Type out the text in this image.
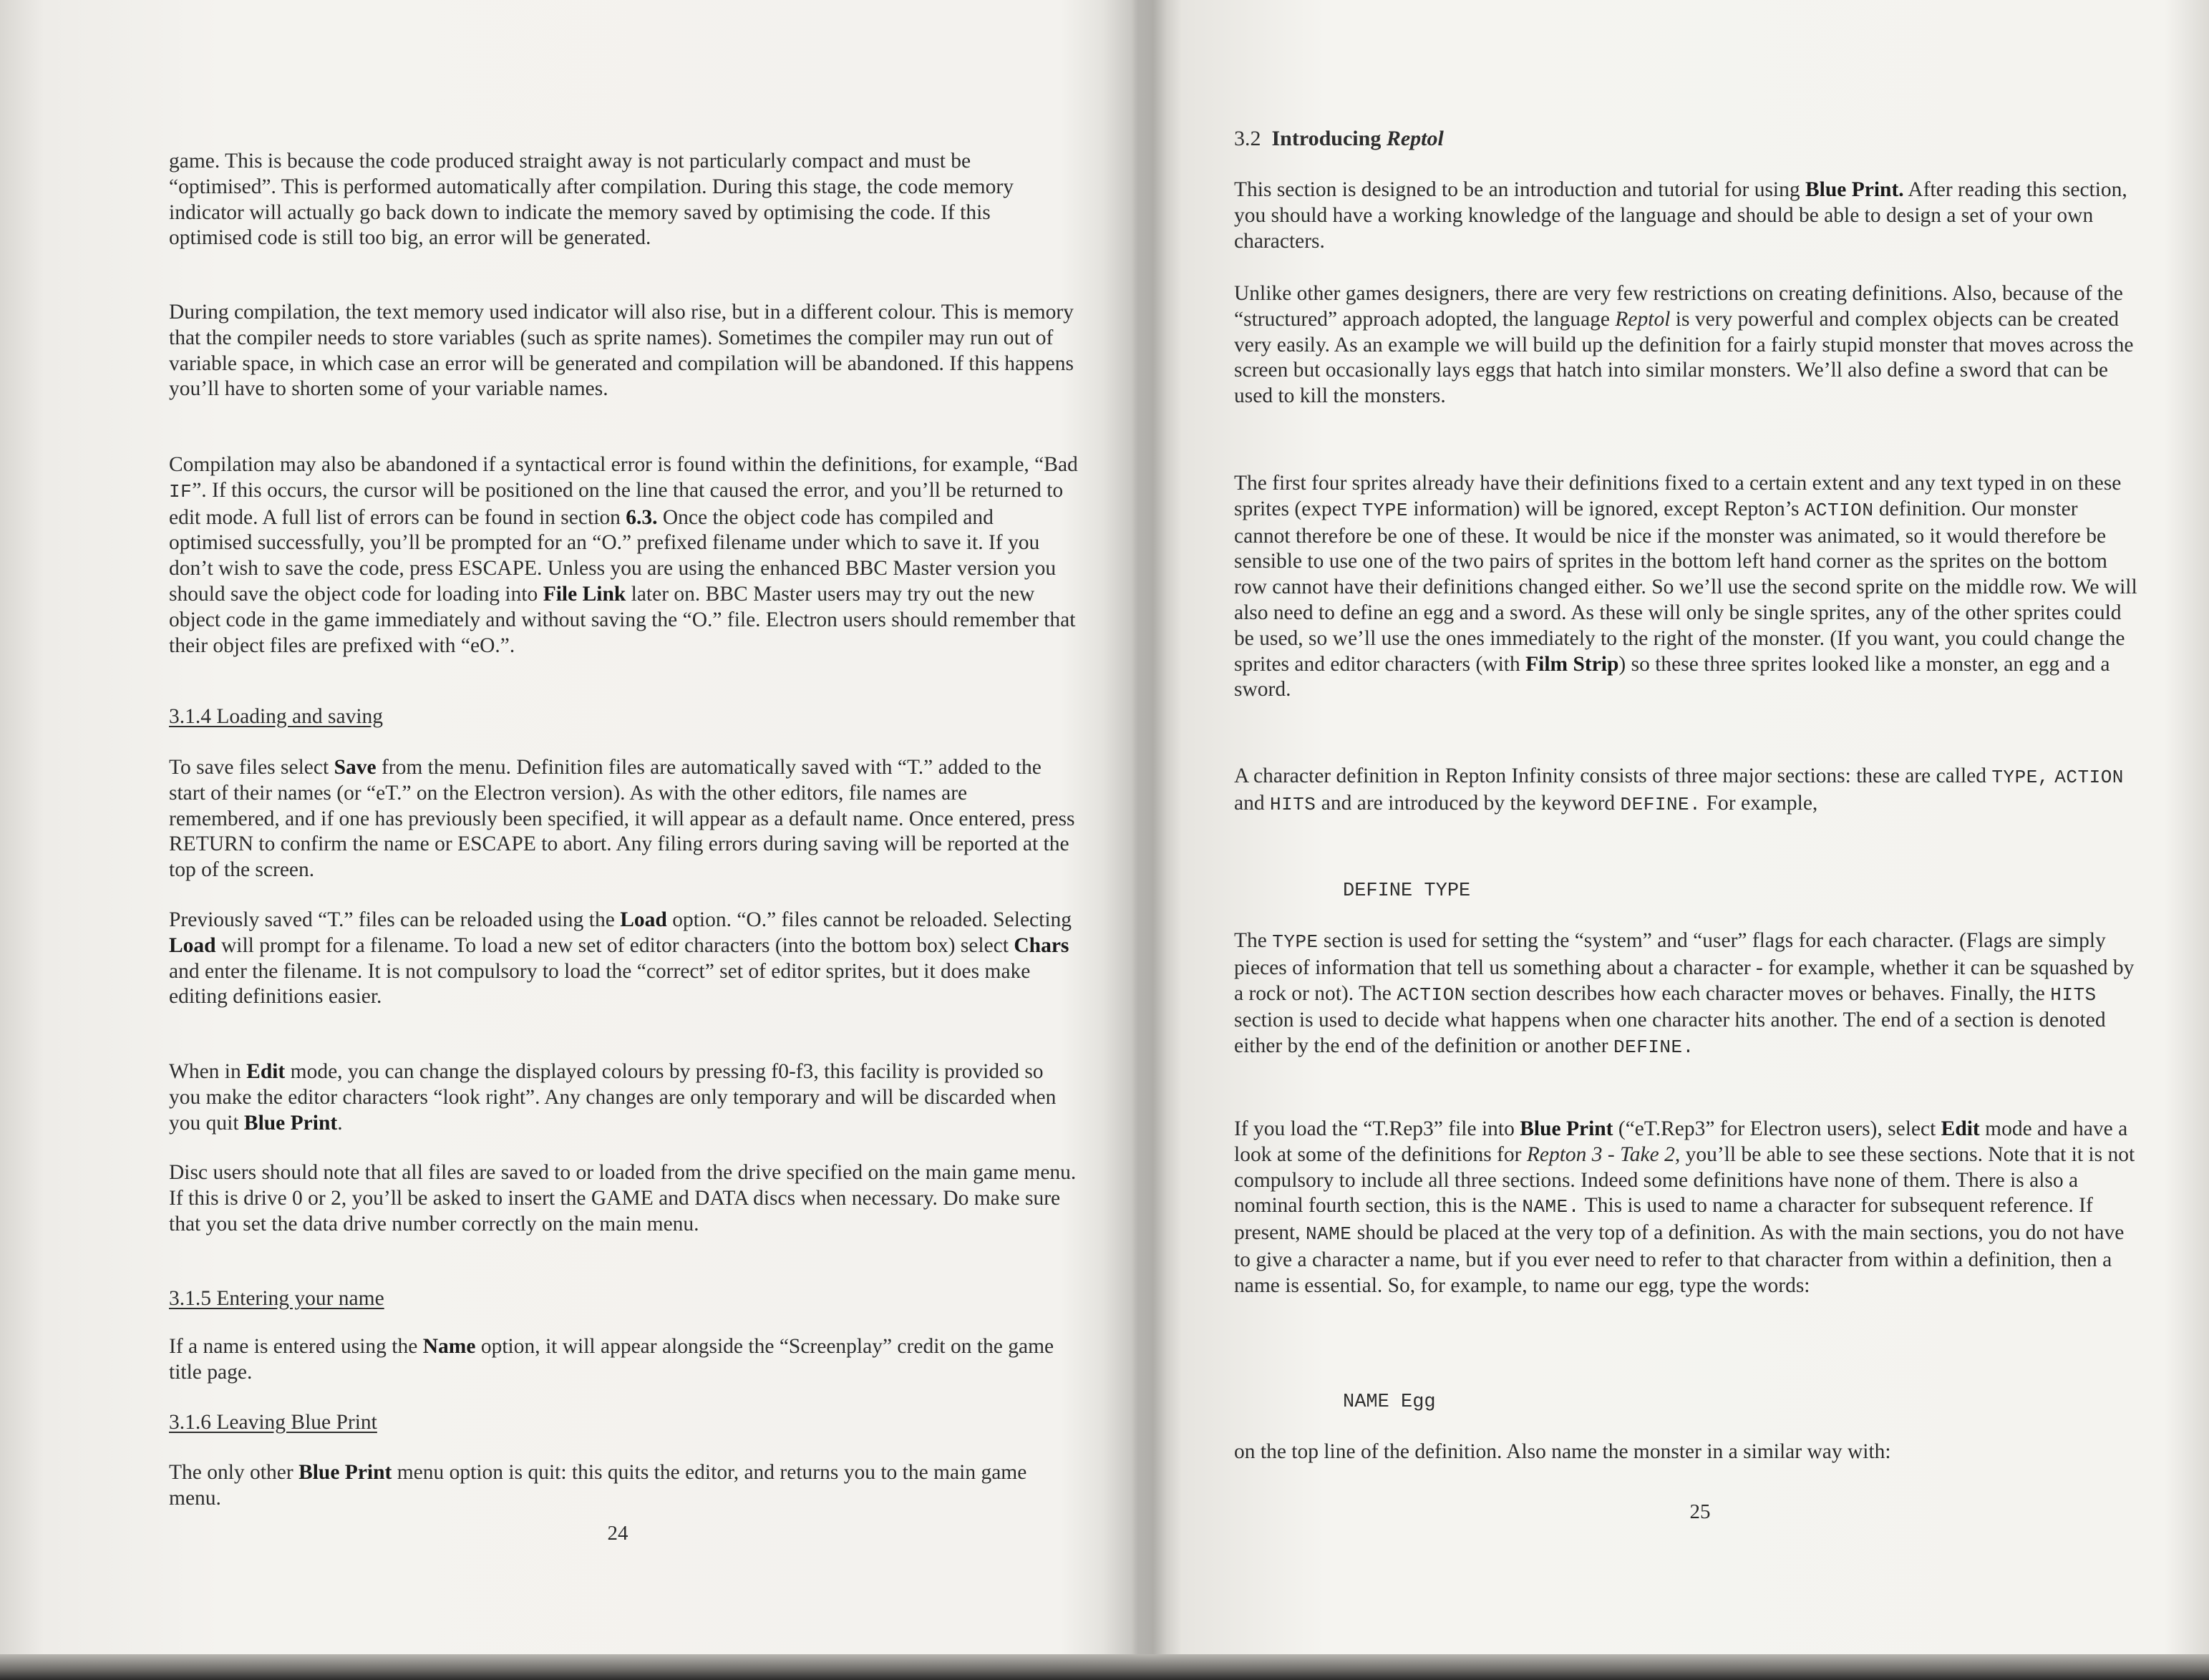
game. This is because the code produced straight away is not particularly compact and must be “optimised”. This is performed automatically after compilation. During this stage, the code memory indicator will actually go back down to indicate the memory saved by optimising the code. If this optimised code is still too big, an error will be generated.

During compilation, the text memory used indicator will also rise, but in a different colour. This is memory that the compiler needs to store variables (such as sprite names). Sometimes the compiler may run out of variable space, in which case an error will be generated and compilation will be abandoned. If this happens you’ll have to shorten some of your variable names.

Compilation may also be abandoned if a syntactical error is found within the definitions, for example, “Bad IF”. If this occurs, the cursor will be positioned on the line that caused the error, and you’ll be returned to edit mode. A full list of errors can be found in section 6.3. Once the object code has compiled and optimised successfully, you’ll be prompted for an “O.” prefixed filename under which to save it. If you don’t wish to save the code, press ESCAPE. Unless you are using the enhanced BBC Master version you should save the object code for loading into File Link later on. BBC Master users may try out the new object code in the game immediately and without saving the “O.” file. Electron users should remember that their object files are prefixed with “eO.”.

3.1.4 Loading and saving

To save files select Save from the menu. Definition files are automatically saved with “T.” added to the start of their names (or “eT.” on the Electron version). As with the other editors, file names are remembered, and if one has previously been specified, it will appear as a default name. Once entered, press RETURN to confirm the name or ESCAPE to abort. Any filing errors during saving will be reported at the top of the screen.

Previously saved “T.” files can be reloaded using the Load option. “O.” files cannot be reloaded. Selecting Load will prompt for a filename. To load a new set of editor characters (into the bottom box) select Chars and enter the filename. It is not compulsory to load the “correct” set of editor sprites, but it does make editing definitions easier.

When in Edit mode, you can change the displayed colours by pressing f0-f3, this facility is provided so you make the editor characters “look right”. Any changes are only temporary and will be discarded when you quit Blue Print.

Disc users should note that all files are saved to or loaded from the drive specified on the main game menu. If this is drive 0 or 2, you’ll be asked to insert the GAME and DATA discs when necessary. Do make sure that you set the data drive number correctly on the main menu.

3.1.5 Entering your name

If a name is entered using the Name option, it will appear alongside the “Screenplay” credit on the game title page.

3.1.6 Leaving Blue Print

The only other Blue Print menu option is quit: this quits the editor, and returns you to the main game menu.

24

3.2 Introducing Reptol

This section is designed to be an introduction and tutorial for using Blue Print. After reading this section, you should have a working knowledge of the language and should be able to design a set of your own characters.

Unlike other games designers, there are very few restrictions on creating definitions. Also, because of the “structured” approach adopted, the language Reptol is very powerful and complex objects can be created very easily. As an example we will build up the definition for a fairly stupid monster that moves across the screen but occasionally lays eggs that hatch into similar monsters. We’ll also define a sword that can be used to kill the monsters.

The first four sprites already have their definitions fixed to a certain extent and any text typed in on these sprites (expect TYPE information) will be ignored, except Repton’s ACTION definition. Our monster cannot therefore be one of these. It would be nice if the monster was animated, so it would therefore be sensible to use one of the two pairs of sprites in the bottom left hand corner as the sprites on the bottom row cannot have their definitions changed either. So we’ll use the second sprite on the middle row. We will also need to define an egg and a sword. As these will only be single sprites, any of the other sprites could be used, so we’ll use the ones immediately to the right of the monster. (If you want, you could change the sprites and editor characters (with Film Strip) so these three sprites looked like a monster, an egg and a sword.

A character definition in Repton Infinity consists of three major sections: these are called TYPE, ACTION and HITS and are introduced by the keyword DEFINE. For example,

DEFINE TYPE

The TYPE section is used for setting the “system” and “user” flags for each character. (Flags are simply pieces of information that tell us something about a character - for example, whether it can be squashed by a rock or not). The ACTION section describes how each character moves or behaves. Finally, the HITS section is used to decide what happens when one character hits another. The end of a section is denoted either by the end of the definition or another DEFINE.

If you load the “T.Rep3” file into Blue Print (“eT.Rep3” for Electron users), select Edit mode and have a look at some of the definitions for Repton 3 - Take 2, you’ll be able to see these sections. Note that it is not compulsory to include all three sections. Indeed some definitions have none of them. There is also a nominal fourth section, this is the NAME. This is used to name a character for subsequent reference. If present, NAME should be placed at the very top of a definition. As with the main sections, you do not have to give a character a name, but if you ever need to refer to that character from within a definition, then a name is essential. So, for example, to name our egg, type the words:

NAME Egg

on the top line of the definition. Also name the monster in a similar way with:

25
